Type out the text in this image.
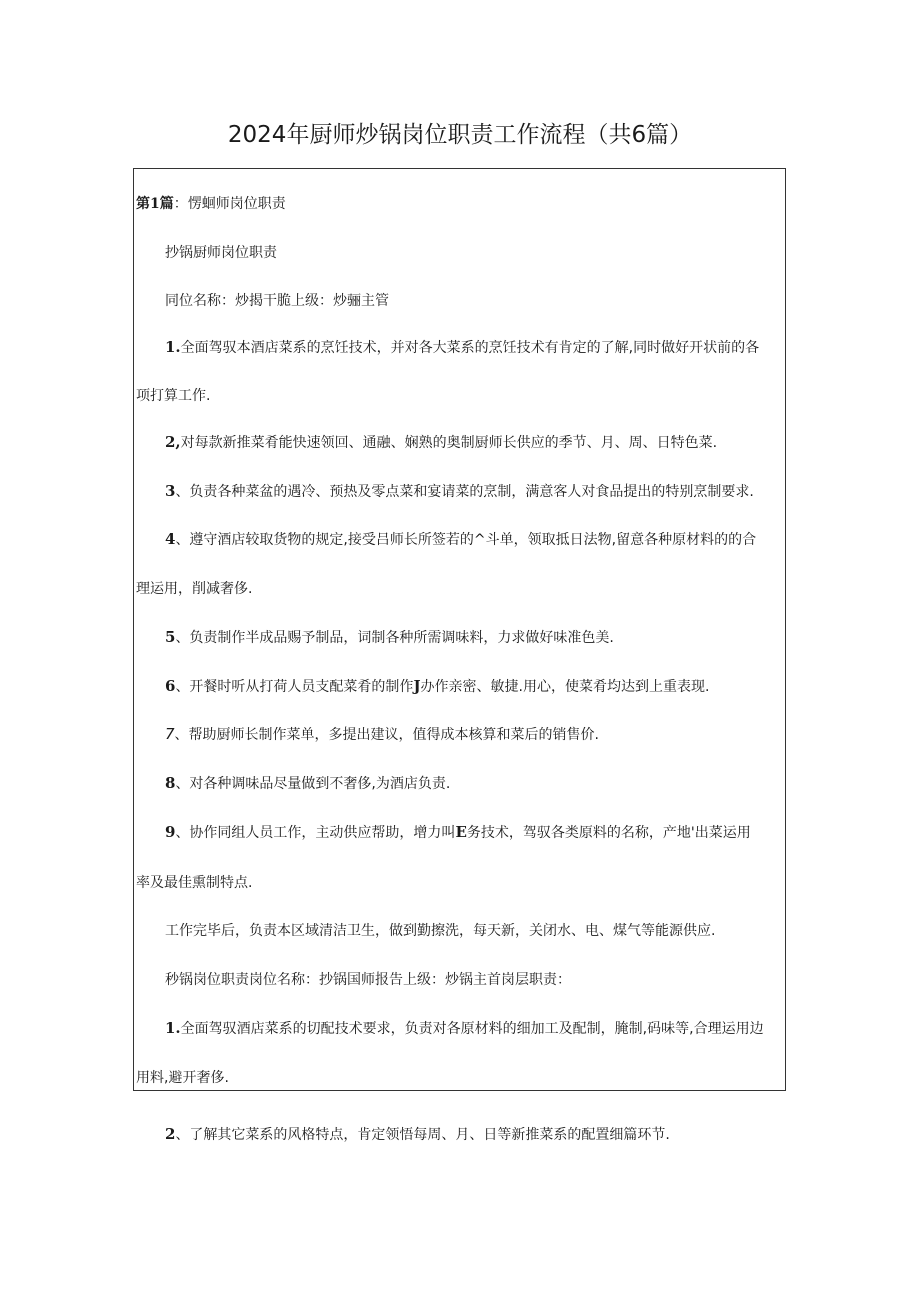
2024年厨师炒锅岗位职责工作流程（共6篇）
第1篇：愣蛔师岗位职责
抄锅厨师岗位职责
同位名称：炒揭干脆上级：炒骊主管
1.全面驾驭本酒店菜系的烹饪技术，并对各大菜系的烹饪技术有肯定的了解,同时做好开状前的各
项打算工作.
2,对每款新推菜肴能快速领回、通融、娴熟的奥制厨师长供应的季节、月、周、日特色菜.
3、负责各种菜盆的遇冷、预热及零点菜和宴请菜的烹制，满意客人对食品提出的特别烹制要求.
4、遵守酒店较取货物的规定,接受吕师长所签若的^斗单，领取抵日法物,留意各种原材料的的合
理运用，削减奢侈.
5、负责制作半成品赐予制品，词制各种所需调味料，力求做好味准色美.
6、开餐时听从打荷人员支配菜肴的制作J办作亲密、敏捷.用心，使菜肴均达到上重表现.
7、帮助厨师长制作菜单，多提出建议，值得成本核算和菜后的销售价.
8、对各种调味品尽量做到不奢侈,为酒店负责.
9、协作同组人员工作，主动供应帮助，增力叫E务技术，驾驭各类原料的名称，产地'出菜运用
率及最佳熏制特点.
工作完毕后，负责本区域清洁卫生，做到勤擦洗，每天新，关闭水、电、煤气等能源供应.
秒锅岗位职责岗位名称：抄锅国师报告上级：炒锅主首岗层职责：
1.全面驾驭酒店菜系的切配技术要求，负责对各原材料的细加工及配制，腌制,码味等,合理运用边
用料,避开奢侈.
2、了解其它菜系的风格特点，肯定领悟每周、月、日等新推菜系的配置细篇环节.
